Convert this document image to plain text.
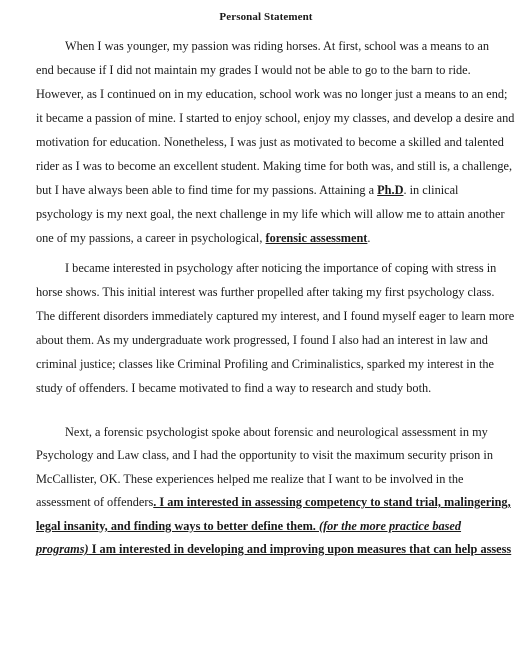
Personal Statement
When I was younger, my passion was riding horses. At first, school was a means to an
end because if I did not maintain my grades I would not be able to go to the barn to ride.
However, as I continued on in my education, school work was no longer just a means to an end;
it became a passion of mine. I started to enjoy school, enjoy my classes, and develop a desire and
motivation for education. Nonetheless, I was just as motivated to become a skilled and talented
rider as I was to become an excellent student. Making time for both was, and still is, a challenge,
but I have always been able to find time for my passions. Attaining a Ph.D. in clinical
psychology is my next goal, the next challenge in my life which will allow me to attain another
one of my passions, a career in psychological, forensic assessment.
I became interested in psychology after noticing the importance of coping with stress in
horse shows. This initial interest was further propelled after taking my first psychology class.
The different disorders immediately captured my interest, and I found myself eager to learn more
about them. As my undergraduate work progressed, I found I also had an interest in law and
criminal justice; classes like Criminal Profiling and Criminalistics, sparked my interest in the
study of offenders. I became motivated to find a way to research and study both.
Next, a forensic psychologist spoke about forensic and neurological assessment in my
Psychology and Law class, and I had the opportunity to visit the maximum security prison in
McCallister, OK. These experiences helped me realize that I want to be involved in the
assessment of offenders. I am interested in assessing competency to stand trial, malingering,
legal insanity, and finding ways to better define them. (for the more practice based
programs) I am interested in developing and improving upon measures that can help assess
